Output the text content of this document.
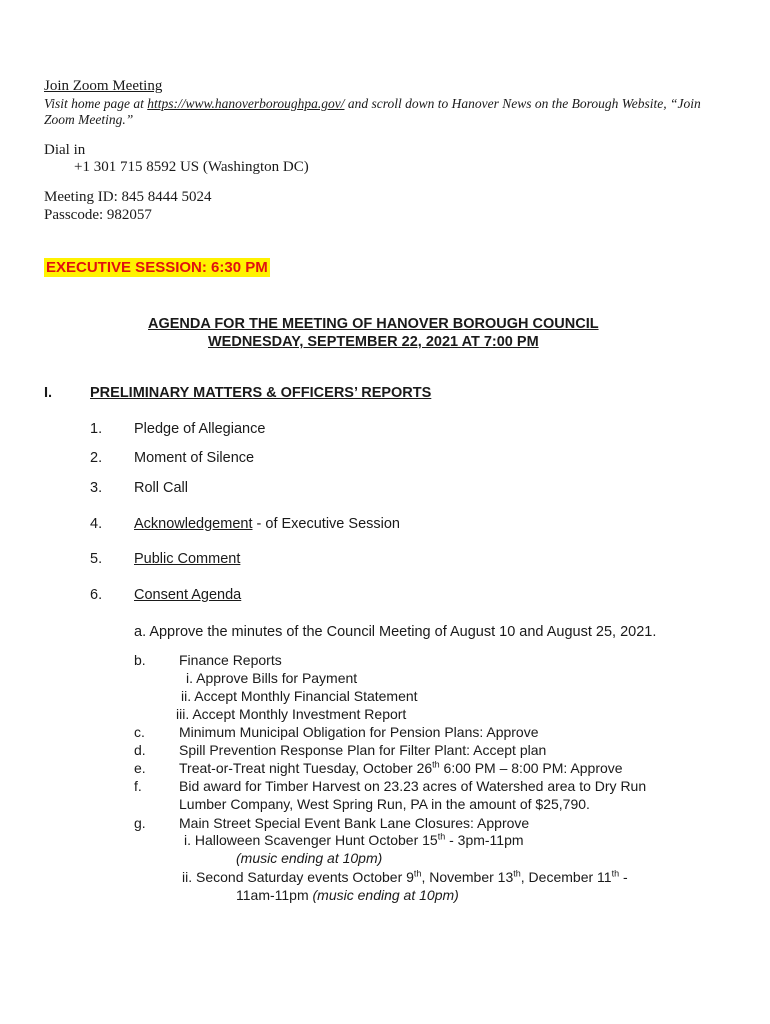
Join Zoom Meeting
Visit home page at https://www.hanoverboroughpa.gov/ and scroll down to Hanover News on the Borough Website, “Join
Zoom Meeting.”
Dial in
+1 301 715 8592 US (Washington DC)
Meeting ID: 845 8444 5024
Passcode: 982057
EXECUTIVE SESSION: 6:30 PM
AGENDA FOR THE MEETING OF HANOVER BOROUGH COUNCIL
WEDNESDAY, SEPTEMBER 22, 2021 AT 7:00 PM
I.	PRELIMINARY MATTERS & OFFICERS’ REPORTS
1. Pledge of Allegiance
2. Moment of Silence
3. Roll Call
4. Acknowledgement - of Executive Session
5. Public Comment
6. Consent Agenda
a. Approve the minutes of the Council Meeting of August 10 and August 25, 2021.
b. Finance Reports
i. Approve Bills for Payment
ii. Accept Monthly Financial Statement
iii. Accept Monthly Investment Report
c. Minimum Municipal Obligation for Pension Plans: Approve
d. Spill Prevention Response Plan for Filter Plant: Accept plan
e. Treat-or-Treat night Tuesday, October 26th 6:00 PM – 8:00 PM: Approve
f.	Bid award for Timber Harvest on 23.23 acres of Watershed area to Dry Run
Lumber Company, West Spring Run, PA in the amount of $25,790.
g. Main Street Special Event Bank Lane Closures: Approve
i. Halloween Scavenger Hunt October 15th - 3pm-11pm
(music ending at 10pm)
ii. Second Saturday events October 9th, November 13th, December 11th -
11am-11pm (music ending at 10pm)
